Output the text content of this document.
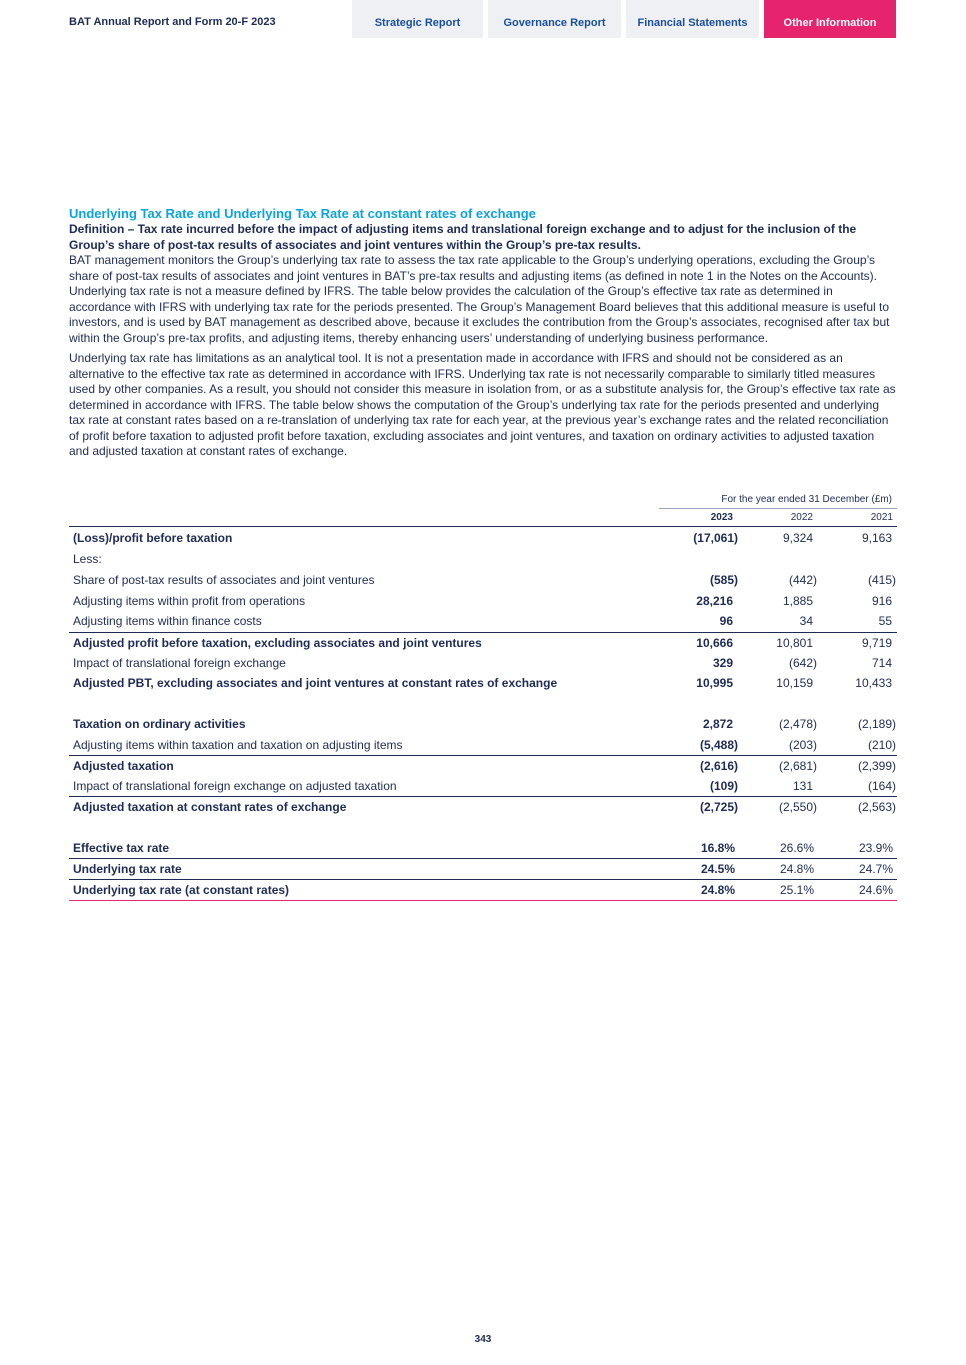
BAT Annual Report and Form 20-F 2023	Strategic Report	Governance Report	Financial Statements	Other Information

Underlying Tax Rate and Underlying Tax Rate at constant rates of exchange

Definition – Tax rate incurred before the impact of adjusting items and translational foreign exchange and to adjust for the inclusion of the Group’s share of post-tax results of associates and joint ventures within the Group’s pre-tax results.

BAT management monitors the Group’s underlying tax rate to assess the tax rate applicable to the Group’s underlying operations, excluding the Group’s share of post-tax results of associates and joint ventures in BAT’s pre-tax results and adjusting items (as defined in note 1 in the Notes on the Accounts). Underlying tax rate is not a measure defined by IFRS. The table below provides the calculation of the Group’s effective tax rate as determined in accordance with IFRS with underlying tax rate for the periods presented. The Group’s Management Board believes that this additional measure is useful to investors, and is used by BAT management as described above, because it excludes the contribution from the Group’s associates, recognised after tax but within the Group’s pre-tax profits, and adjusting items, thereby enhancing users’ understanding of underlying business performance.

Underlying tax rate has limitations as an analytical tool. It is not a presentation made in accordance with IFRS and should not be considered as an alternative to the effective tax rate as determined in accordance with IFRS. Underlying tax rate is not necessarily comparable to similarly titled measures used by other companies. As a result, you should not consider this measure in isolation from, or as a substitute analysis for, the Group’s effective tax rate as determined in accordance with IFRS. The table below shows the computation of the Group’s underlying tax rate for the periods presented and underlying tax rate at constant rates based on a re-translation of underlying tax rate for each year, at the previous year’s exchange rates and the related reconciliation of profit before taxation to adjusted profit before taxation, excluding associates and joint ventures, and taxation on ordinary activities to adjusted taxation and adjusted taxation at constant rates of exchange.

For the year ended 31 December (£m)
2023	2022	2021
(Loss)/profit before taxation	(17,061)	9,324	9,163
Less:
Share of post-tax results of associates and joint ventures	(585)	(442)	(415)
Adjusting items within profit from operations	28,216	1,885	916
Adjusting items within finance costs	96	34	55
Adjusted profit before taxation, excluding associates and joint ventures	10,666	10,801	9,719
Impact of translational foreign exchange	329	(642)	714
Adjusted PBT, excluding associates and joint ventures at constant rates of exchange	10,995	10,159	10,433
Taxation on ordinary activities	2,872	(2,478)	(2,189)
Adjusting items within taxation and taxation on adjusting items	(5,488)	(203)	(210)
Adjusted taxation	(2,616)	(2,681)	(2,399)
Impact of translational foreign exchange on adjusted taxation	(109)	131	(164)
Adjusted taxation at constant rates of exchange	(2,725)	(2,550)	(2,563)
Effective tax rate	16.8%	26.6%	23.9%
Underlying tax rate	24.5%	24.8%	24.7%
Underlying tax rate (at constant rates)	24.8%	25.1%	24.6%
343
